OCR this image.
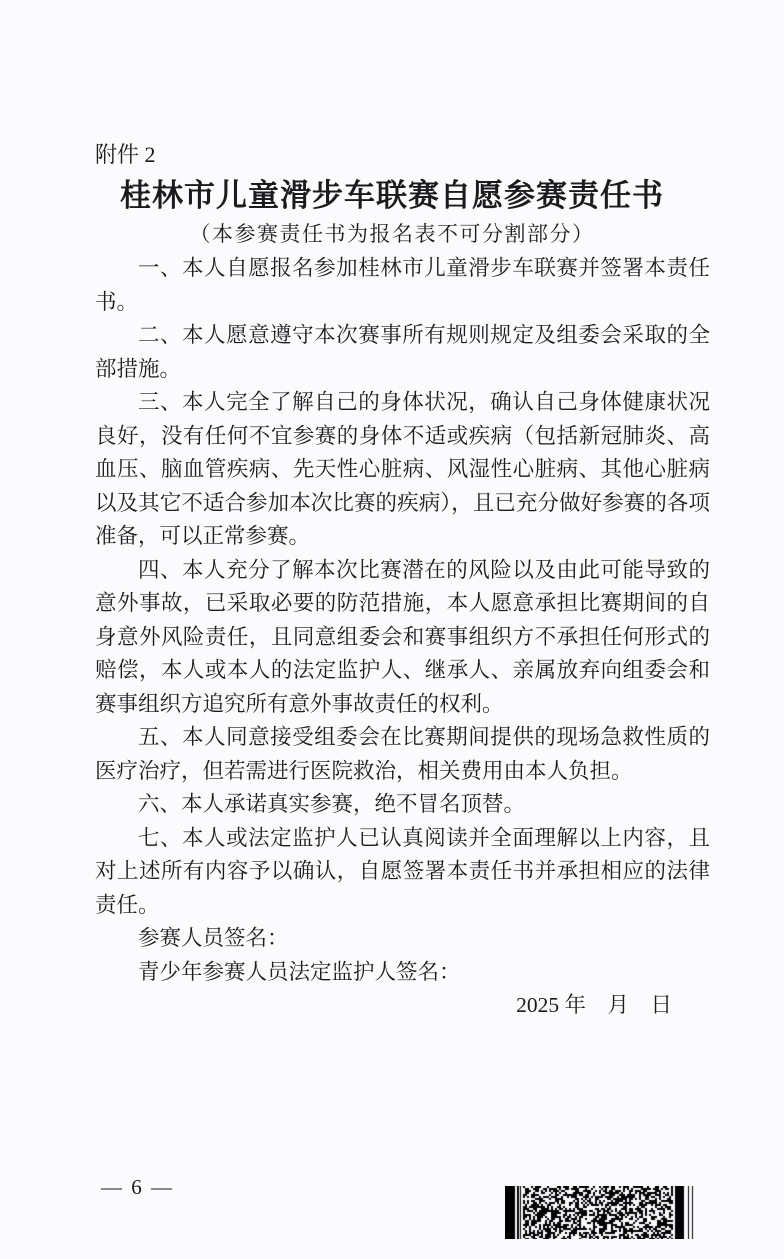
附件 2
桂林市儿童滑步车联赛自愿参赛责任书
（本参赛责任书为报名表不可分割部分）

一、本人自愿报名参加桂林市儿童滑步车联赛并签署本责任书。

二、本人愿意遵守本次赛事所有规则规定及组委会采取的全部措施。

三、本人完全了解自己的身体状况，确认自己身体健康状况良好，没有任何不宜参赛的身体不适或疾病（包括新冠肺炎、高血压、脑血管疾病、先天性心脏病、风湿性心脏病、其他心脏病以及其它不适合参加本次比赛的疾病），且已充分做好参赛的各项准备，可以正常参赛。

四、本人充分了解本次比赛潜在的风险以及由此可能导致的意外事故，已采取必要的防范措施，本人愿意承担比赛期间的自身意外风险责任，且同意组委会和赛事组织方不承担任何形式的赔偿，本人或本人的法定监护人、继承人、亲属放弃向组委会和赛事组织方追究所有意外事故责任的权利。

五、本人同意接受组委会在比赛期间提供的现场急救性质的医疗治疗，但若需进行医院救治，相关费用由本人负担。

六、本人承诺真实参赛，绝不冒名顶替。

七、本人或法定监护人已认真阅读并全面理解以上内容，且对上述所有内容予以确认，自愿签署本责任书并承担相应的法律责任。

参赛人员签名：

青少年参赛人员法定监护人签名：

2025 年　月　日

— 6 —
